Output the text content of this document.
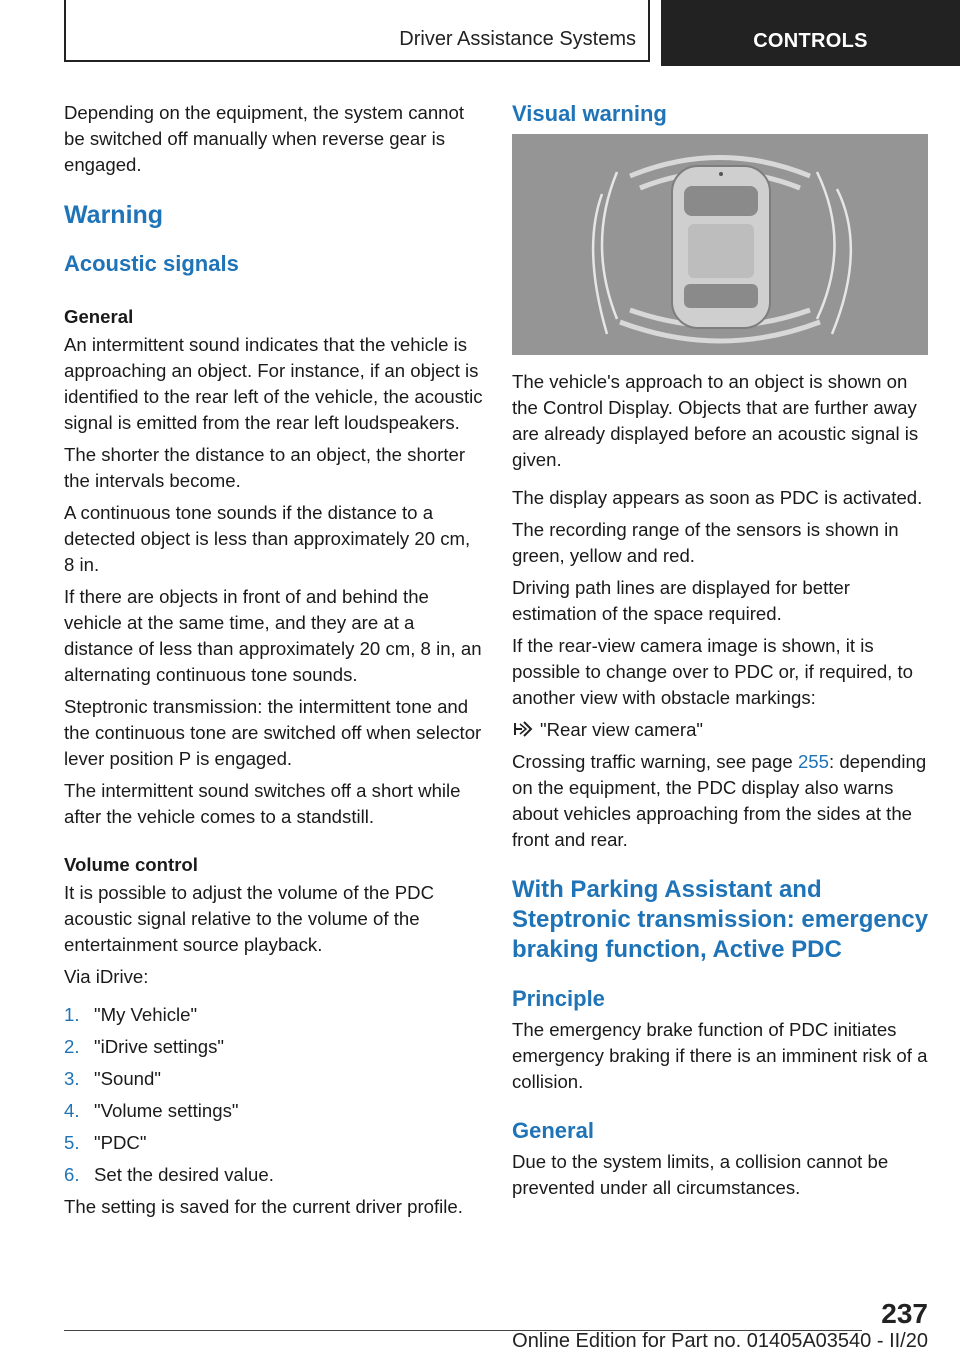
Driver Assistance Systems	CONTROLS

Depending on the equipment, the system cannot be switched off manually when reverse gear is engaged.

Warning
Acoustic signals
General

An intermittent sound indicates that the vehicle is approaching an object. For instance, if an object is identified to the rear left of the vehicle, the acoustic signal is emitted from the rear left loudspeakers.

The shorter the distance to an object, the shorter the intervals become.

A continuous tone sounds if the distance to a detected object is less than approximately 20 cm, 8 in.

If there are objects in front of and behind the vehicle at the same time, and they are at a distance of less than approximately 20 cm, 8 in, an alternating continuous tone sounds.

Steptronic transmission: the intermittent tone and the continuous tone are switched off when selector lever position P is engaged.

The intermittent sound switches off a short while after the vehicle comes to a standstill.

Volume control

It is possible to adjust the volume of the PDC acoustic signal relative to the volume of the entertainment source playback.

Via iDrive:

1. "My Vehicle"
2. "iDrive settings"
3. "Sound"
4. "Volume settings"
5. "PDC"
6. Set the desired value.

The setting is saved for the current driver profile.

Visual warning

The vehicle's approach to an object is shown on the Control Display. Objects that are further away are already displayed before an acoustic signal is given.

The display appears as soon as PDC is activated.

The recording range of the sensors is shown in green, yellow and red.

Driving path lines are displayed for better estimation of the space required.

If the rear-view camera image is shown, it is possible to change over to PDC or, if required, to another view with obstacle markings:

"Rear view camera"

Crossing traffic warning, see page 255: depending on the equipment, the PDC display also warns about vehicles approaching from the sides at the front and rear.

With Parking Assistant and Steptronic transmission: emergency braking function, Active PDC
Principle

The emergency brake function of PDC initiates emergency braking if there is an imminent risk of a collision.

General

Due to the system limits, a collision cannot be prevented under all circumstances.

237
Online Edition for Part no. 01405A03540 - II/20
